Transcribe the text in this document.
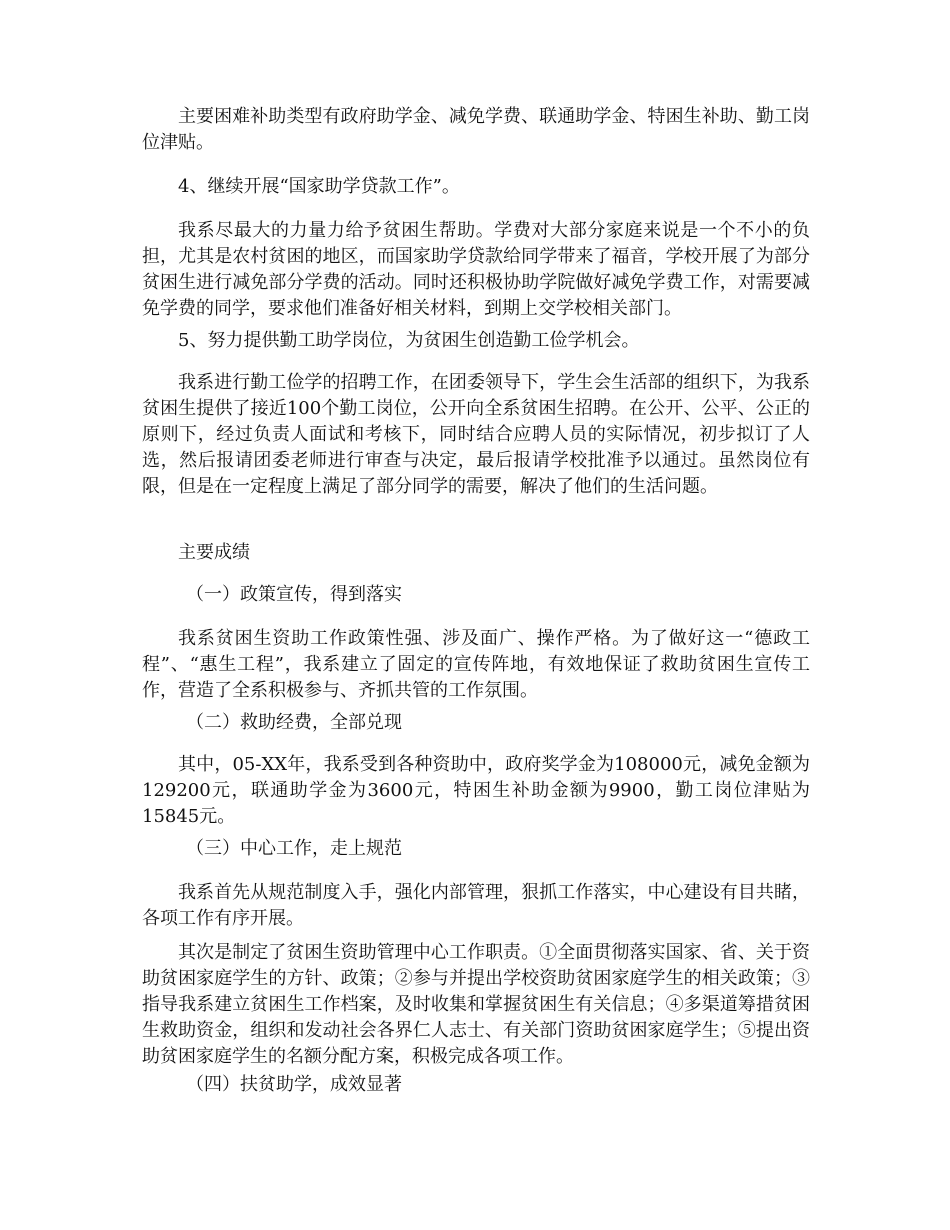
主要困难补助类型有政府助学金、减免学费、联通助学金、特困生补助、勤工岗位津贴。

4、继续开展“国家助学贷款工作”。

我系尽最大的力量力给予贫困生帮助。学费对大部分家庭来说是一个不小的负担，尤其是农村贫困的地区，而国家助学贷款给同学带来了福音，学校开展了为部分贫困生进行减免部分学费的活动。同时还积极协助学院做好减免学费工作，对需要减免学费的同学，要求他们准备好相关材料，到期上交学校相关部门。

5、努力提供勤工助学岗位，为贫困生创造勤工俭学机会。

我系进行勤工俭学的招聘工作，在团委领导下，学生会生活部的组织下，为我系贫困生提供了接近100个勤工岗位，公开向全系贫困生招聘。在公开、公平、公正的原则下，经过负责人面试和考核下，同时结合应聘人员的实际情况，初步拟订了人选，然后报请团委老师进行审查与决定，最后报请学校批准予以通过。虽然岗位有限，但是在一定程度上满足了部分同学的需要，解决了他们的生活问题。

主要成绩

（一）政策宣传，得到落实

我系贫困生资助工作政策性强、涉及面广、操作严格。为了做好这一“德政工程”、“惠生工程”，我系建立了固定的宣传阵地，有效地保证了救助贫困生宣传工作，营造了全系积极参与、齐抓共管的工作氛围。

（二）救助经费，全部兑现

其中，05-XX年，我系受到各种资助中，政府奖学金为108000元，减免金额为129200元，联通助学金为3600元，特困生补助金额为9900，勤工岗位津贴为15845元。

（三）中心工作，走上规范

我系首先从规范制度入手，强化内部管理，狠抓工作落实，中心建设有目共睹，各项工作有序开展。

其次是制定了贫困生资助管理中心工作职责。①全面贯彻落实国家、省、关于资助贫困家庭学生的方针、政策；②参与并提出学校资助贫困家庭学生的相关政策；③指导我系建立贫困生工作档案，及时收集和掌握贫困生有关信息；④多渠道筹措贫困生救助资金，组织和发动社会各界仁人志士、有关部门资助贫困家庭学生；⑤提出资助贫困家庭学生的名额分配方案，积极完成各项工作。

（四）扶贫助学，成效显著
